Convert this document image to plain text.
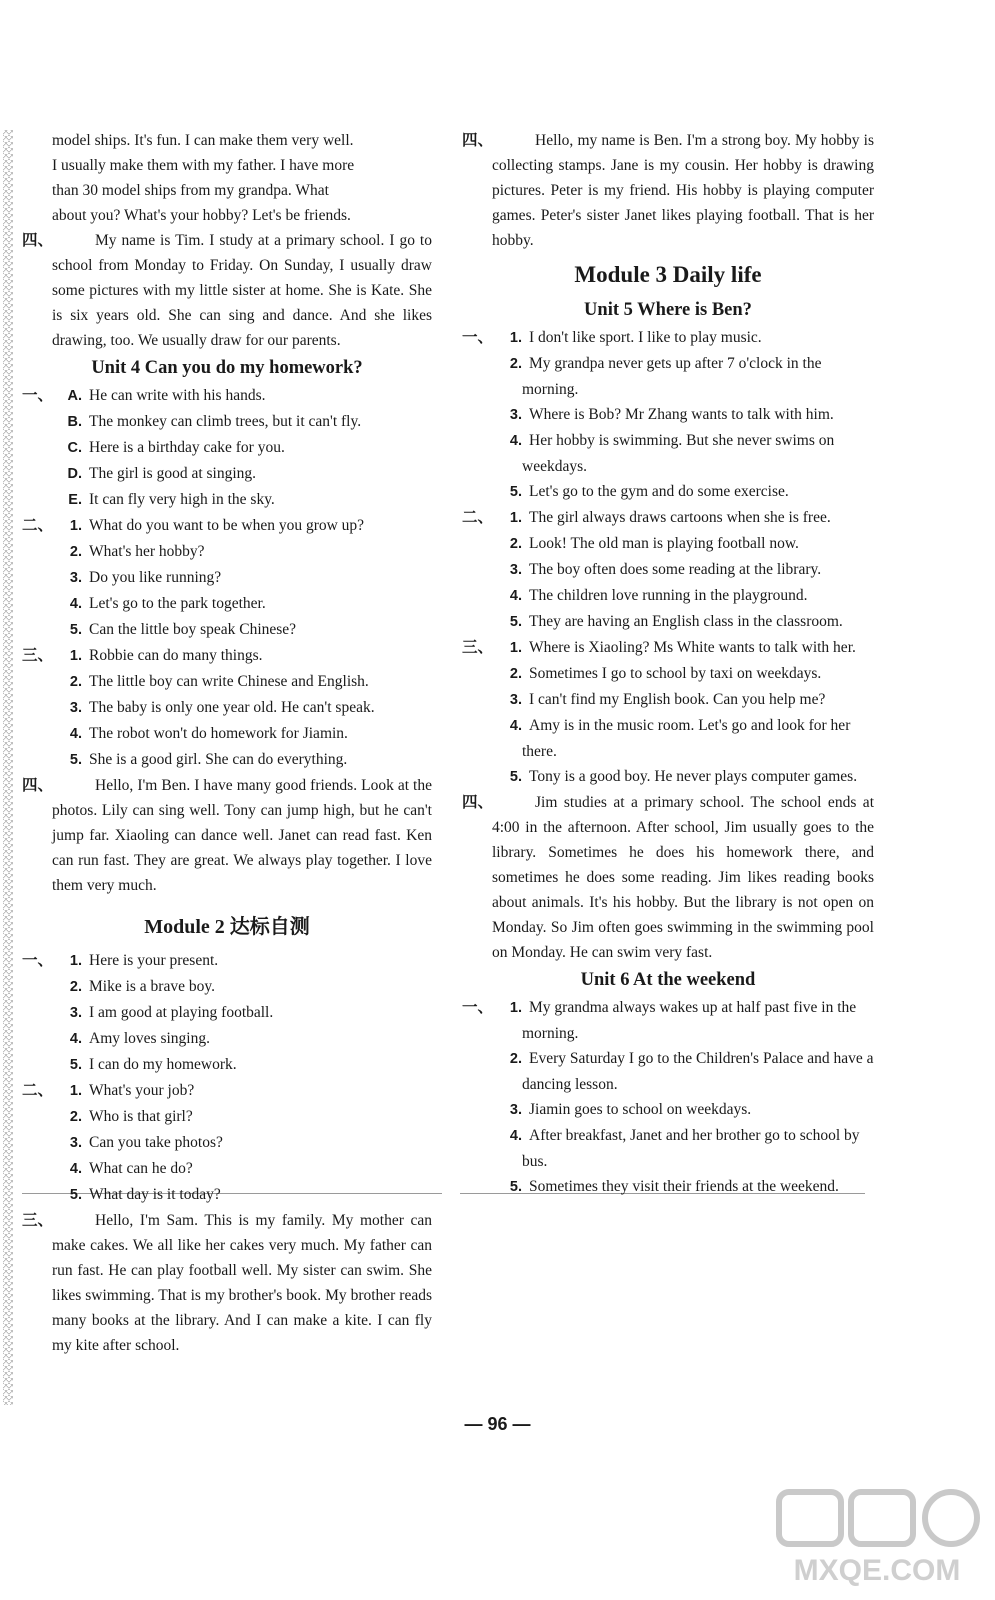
model ships. It's fun. I can make them very well.
I usually make them with my father. I have more
than 30 model ships from my grandpa. What
about you? What's your hobby? Let's be friends.
四、	My name is Tim. I study at a primary school. I go to school from Monday to Friday. On Sunday, I usually draw some pictures with my little sister at home. She is Kate. She is six years old. She can sing and dance. And she likes drawing, too. We usually draw for our parents.
Unit 4 Can you do my homework?
一、 A. He can write with his hands.
B. The monkey can climb trees, but it can't fly.
C. Here is a birthday cake for you.
D. The girl is good at singing.
E. It can fly very high in the sky.
二、	1. What do you want to be when you grow up?
2. What's her hobby?
3. Do you like running?
4. Let's go to the park together.
5. Can the little boy speak Chinese?
三、	1. Robbie can do many things.
2. The little boy can write Chinese and English.
3. The baby is only one year old. He can't speak.
4. The robot won't do homework for Jiamin.
5. She is a good girl. She can do everything.
四、	Hello, I'm Ben. I have many good friends. Look at the photos. Lily can sing well. Tony can jump high, but he can't jump far. Xiaoling can dance well. Janet can read fast. Ken can run fast. They are great. We always play together. I love them very much.
Module 2 达标自测
一、	1. Here is your present.
2. Mike is a brave boy.
3. I am good at playing football.
4. Amy loves singing.
5. I can do my homework.
二、	1. What's your job?
2. Who is that girl?
3. Can you take photos?
4. What can he do?
5. What day is it today?
三、	Hello, I'm Sam. This is my family. My mother can make cakes. We all like her cakes very much. My father can run fast. He can play football well. My sister can swim. She likes swimming. That is my brother's book. My brother reads many books at the library. And I can make a kite. I can fly my kite after school.
四、	Hello, my name is Ben. I'm a strong boy. My hobby is collecting stamps. Jane is my cousin. Her hobby is drawing pictures. Peter is my friend. His hobby is playing computer games. Peter's sister Janet likes playing football. That is her hobby.
Module 3 Daily life
Unit 5 Where is Ben?
一、	1. I don't like sport. I like to play music.
2. My grandpa never gets up after 7 o'clock in the morning.
3. Where is Bob? Mr Zhang wants to talk with him.
4. Her hobby is swimming. But she never swims on weekdays.
5. Let's go to the gym and do some exercise.
二、	1. The girl always draws cartoons when she is free.
2. Look! The old man is playing football now.
3. The boy often does some reading at the library.
4. The children love running in the playground.
5. They are having an English class in the classroom.
三、	1. Where is Xiaoling? Ms White wants to talk with her.
2. Sometimes I go to school by taxi on weekdays.
3. I can't find my English book. Can you help me?
4. Amy is in the music room. Let's go and look for her there.
5. Tony is a good boy. He never plays computer games.
四、	Jim studies at a primary school. The school ends at 4:00 in the afternoon. After school, Jim usually goes to the library. Sometimes he does his homework there, and sometimes he does some reading. Jim likes reading books about animals. It's his hobby. But the library is not open on Monday. So Jim often goes swimming in the swimming pool on Monday. He can swim very fast.
Unit 6 At the weekend
一、	1. My grandma always wakes up at half past five in the morning.
2. Every Saturday I go to the Children's Palace and have a dancing lesson.
3. Jiamin goes to school on weekdays.
4. After breakfast, Janet and her brother go to school by bus.
5. Sometimes they visit their friends at the weekend.
— 96 —
MXQE.COM
